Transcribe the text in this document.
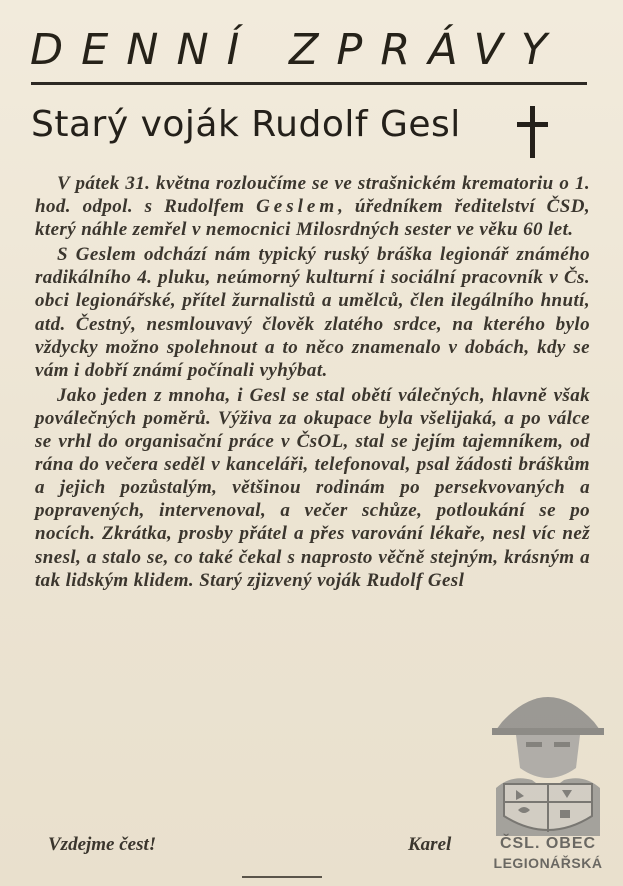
DENNÍ ZPRÁVY
Starý voják Rudolf Gesl

V pátek 31. května rozloučíme se ve strašnickém krematoriu o 1. hod. odpol. s Rudolfem Geslem, úředníkem ředitelství ČSD, který náhle zemřel v nemocnici Milosrdných sester ve věku 60 let.

S Geslem odchází nám typický ruský bráška legionář známého radikálního 4. pluku, neúmorný kulturní i sociální pracovník v Čs. obci legionářské, přítel žurnalistů a umělců, člen ilegálního hnutí, atd. Čestný, nesmlouvavý člověk zlatého srdce, na kterého bylo vždycky možno spolehnout a to něco znamenalo v dobách, kdy se vám i dobří známí počínali vyhýbat.

Jako jeden z mnoha, i Gesl se stal obětí válečných, hlavně však poválečných poměrů. Výživa za okupace byla všelijaká, a po válce se vrhl do organisační práce v ČsOL, stal se jejím tajemníkem, od rána do večera seděl v kanceláři, telefonoval, psal žádosti bráškům a jejich pozůstalým, většinou rodinám po persekvovaných a popravených, intervenoval, a večer schůze, potloukání se po nocích. Zkrátka, prosby přátel a přes varování lékaře, nesl víc než snesl, a stalo se, co také čekal s naprosto věčně stejným, krásným a tak lidským klidem. Starý zjizvený voják Rudolf Gesl

Vzdejme čest!	Karel	ČSL. OBEC
LEGIONÁŘSKÁ
